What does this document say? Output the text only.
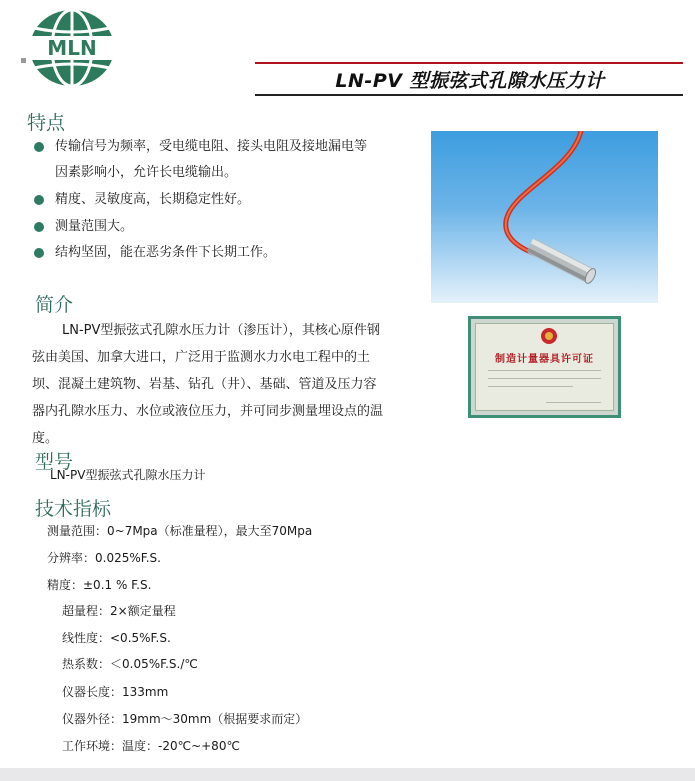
MLN
LN-PV 型振弦式孔隙水压力计
特点
传输信号为频率，受电缆电阻、接头电阻及接地漏电等
因素影响小，允许长电缆输出。
精度、灵敏度高，长期稳定性好。
测量范围大。
结构坚固，能在恶劣条件下长期工作。
制造计量器具许可证
简介
LN-PV型振弦式孔隙水压力计（渗压计），其核心原件钢
弦由美国、加拿大进口，广泛用于监测水力水电工程中的土
坝、混凝土建筑物、岩基、钻孔（井）、基础、管道及压力容
器内孔隙水压力、水位或液位压力，并可同步测量埋设点的温
度。
型号
LN-PV型振弦式孔隙水压力计
技术指标
测量范围：0~7Mpa（标准量程），最大至70Mpa
分辨率：0.025%F.S.
精度：±0.1 % F.S.
超量程：2×额定量程
线性度：<0.5%F.S.
热系数：＜0.05%F.S./℃
仪器长度：133mm
仪器外径：19mm～30mm（根据要求而定）
工作环境：温度：-20℃~+80℃
